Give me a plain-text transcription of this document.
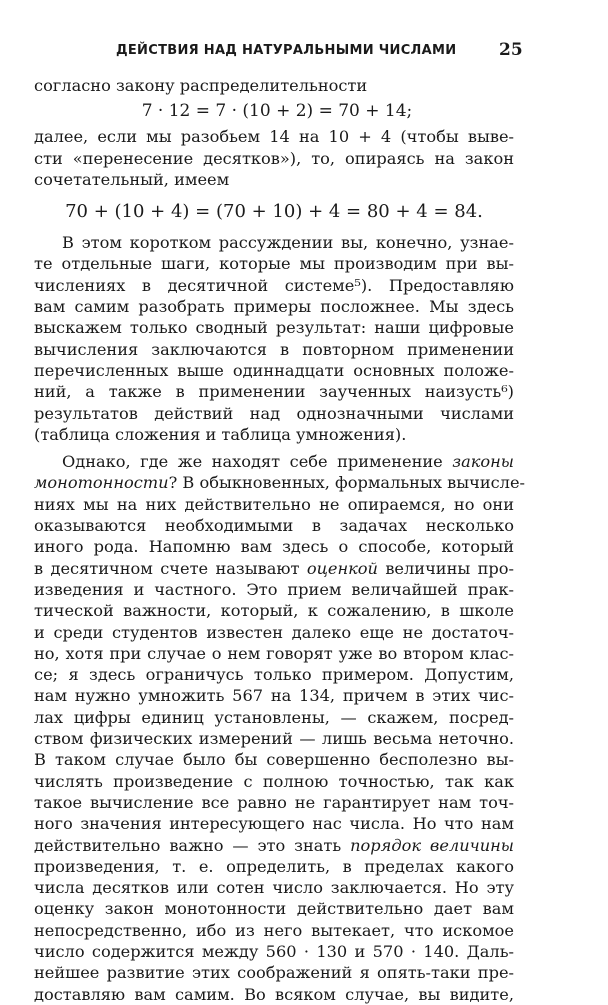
ДЕЙСТВИЯ НАД НАТУРАЛЬНЫМИ ЧИСЛАМИ	25
согласно закону распределительности
7 · 12 = 7 · (10 + 2) = 70 + 14;
далее, если мы разобьем 14 на 10 + 4 (чтобы выве-
сти «перенесение десятков»), то, опираясь на закон
сочетательный, имеем
70 + (10 + 4) = (70 + 10) + 4 = 80 + 4 = 84.
В этом коротком рассуждении вы, конечно, узнае-
те отдельные шаги, которые мы производим при вы-
числениях в десятичной системе⁵). Предоставляю
вам самим разобрать примеры посложнее. Мы здесь
выскажем только сводный результат: наши цифровые
вычисления заключаются в повторном применении
перечисленных выше одиннадцати основных положе-
ний, а также в применении заученных наизусть⁶)
результатов действий над однозначными числами
(таблица сложения и таблица умножения).
Однако, где же находят себе применение законы
монотонности? В обыкновенных, формальных вычисле-
ниях мы на них действительно не опираемся, но они
оказываются необходимыми в задачах несколько
иного рода. Напомню вам здесь о способе, который
в десятичном счете называют оценкой величины про-
изведения и частного. Это прием величайшей прак-
тической важности, который, к сожалению, в школе
и среди студентов известен далеко еще не достаточ-
но, хотя при случае о нем говорят уже во втором клас-
се; я здесь ограничусь только примером. Допустим,
нам нужно умножить 567 на 134, причем в этих чис-
лах цифры единиц установлены, — скажем, посред-
ством физических измерений — лишь весьма неточно.
В таком случае было бы совершенно бесполезно вы-
числять произведение с полною точностью, так как
такое вычисление все равно не гарантирует нам точ-
ного значения интересующего нас числа. Но что нам
действительно важно — это знать порядок величины
произведения, т. е. определить, в пределах какого
числа десятков или сотен число заключается. Но эту
оценку закон монотонности действительно дает вам
непосредственно, ибо из него вытекает, что искомое
число содержится между 560 · 130 и 570 · 140. Даль-
нейшее развитие этих соображений я опять-таки пре-
доставляю вам самим. Во всяком случае, вы видите,
